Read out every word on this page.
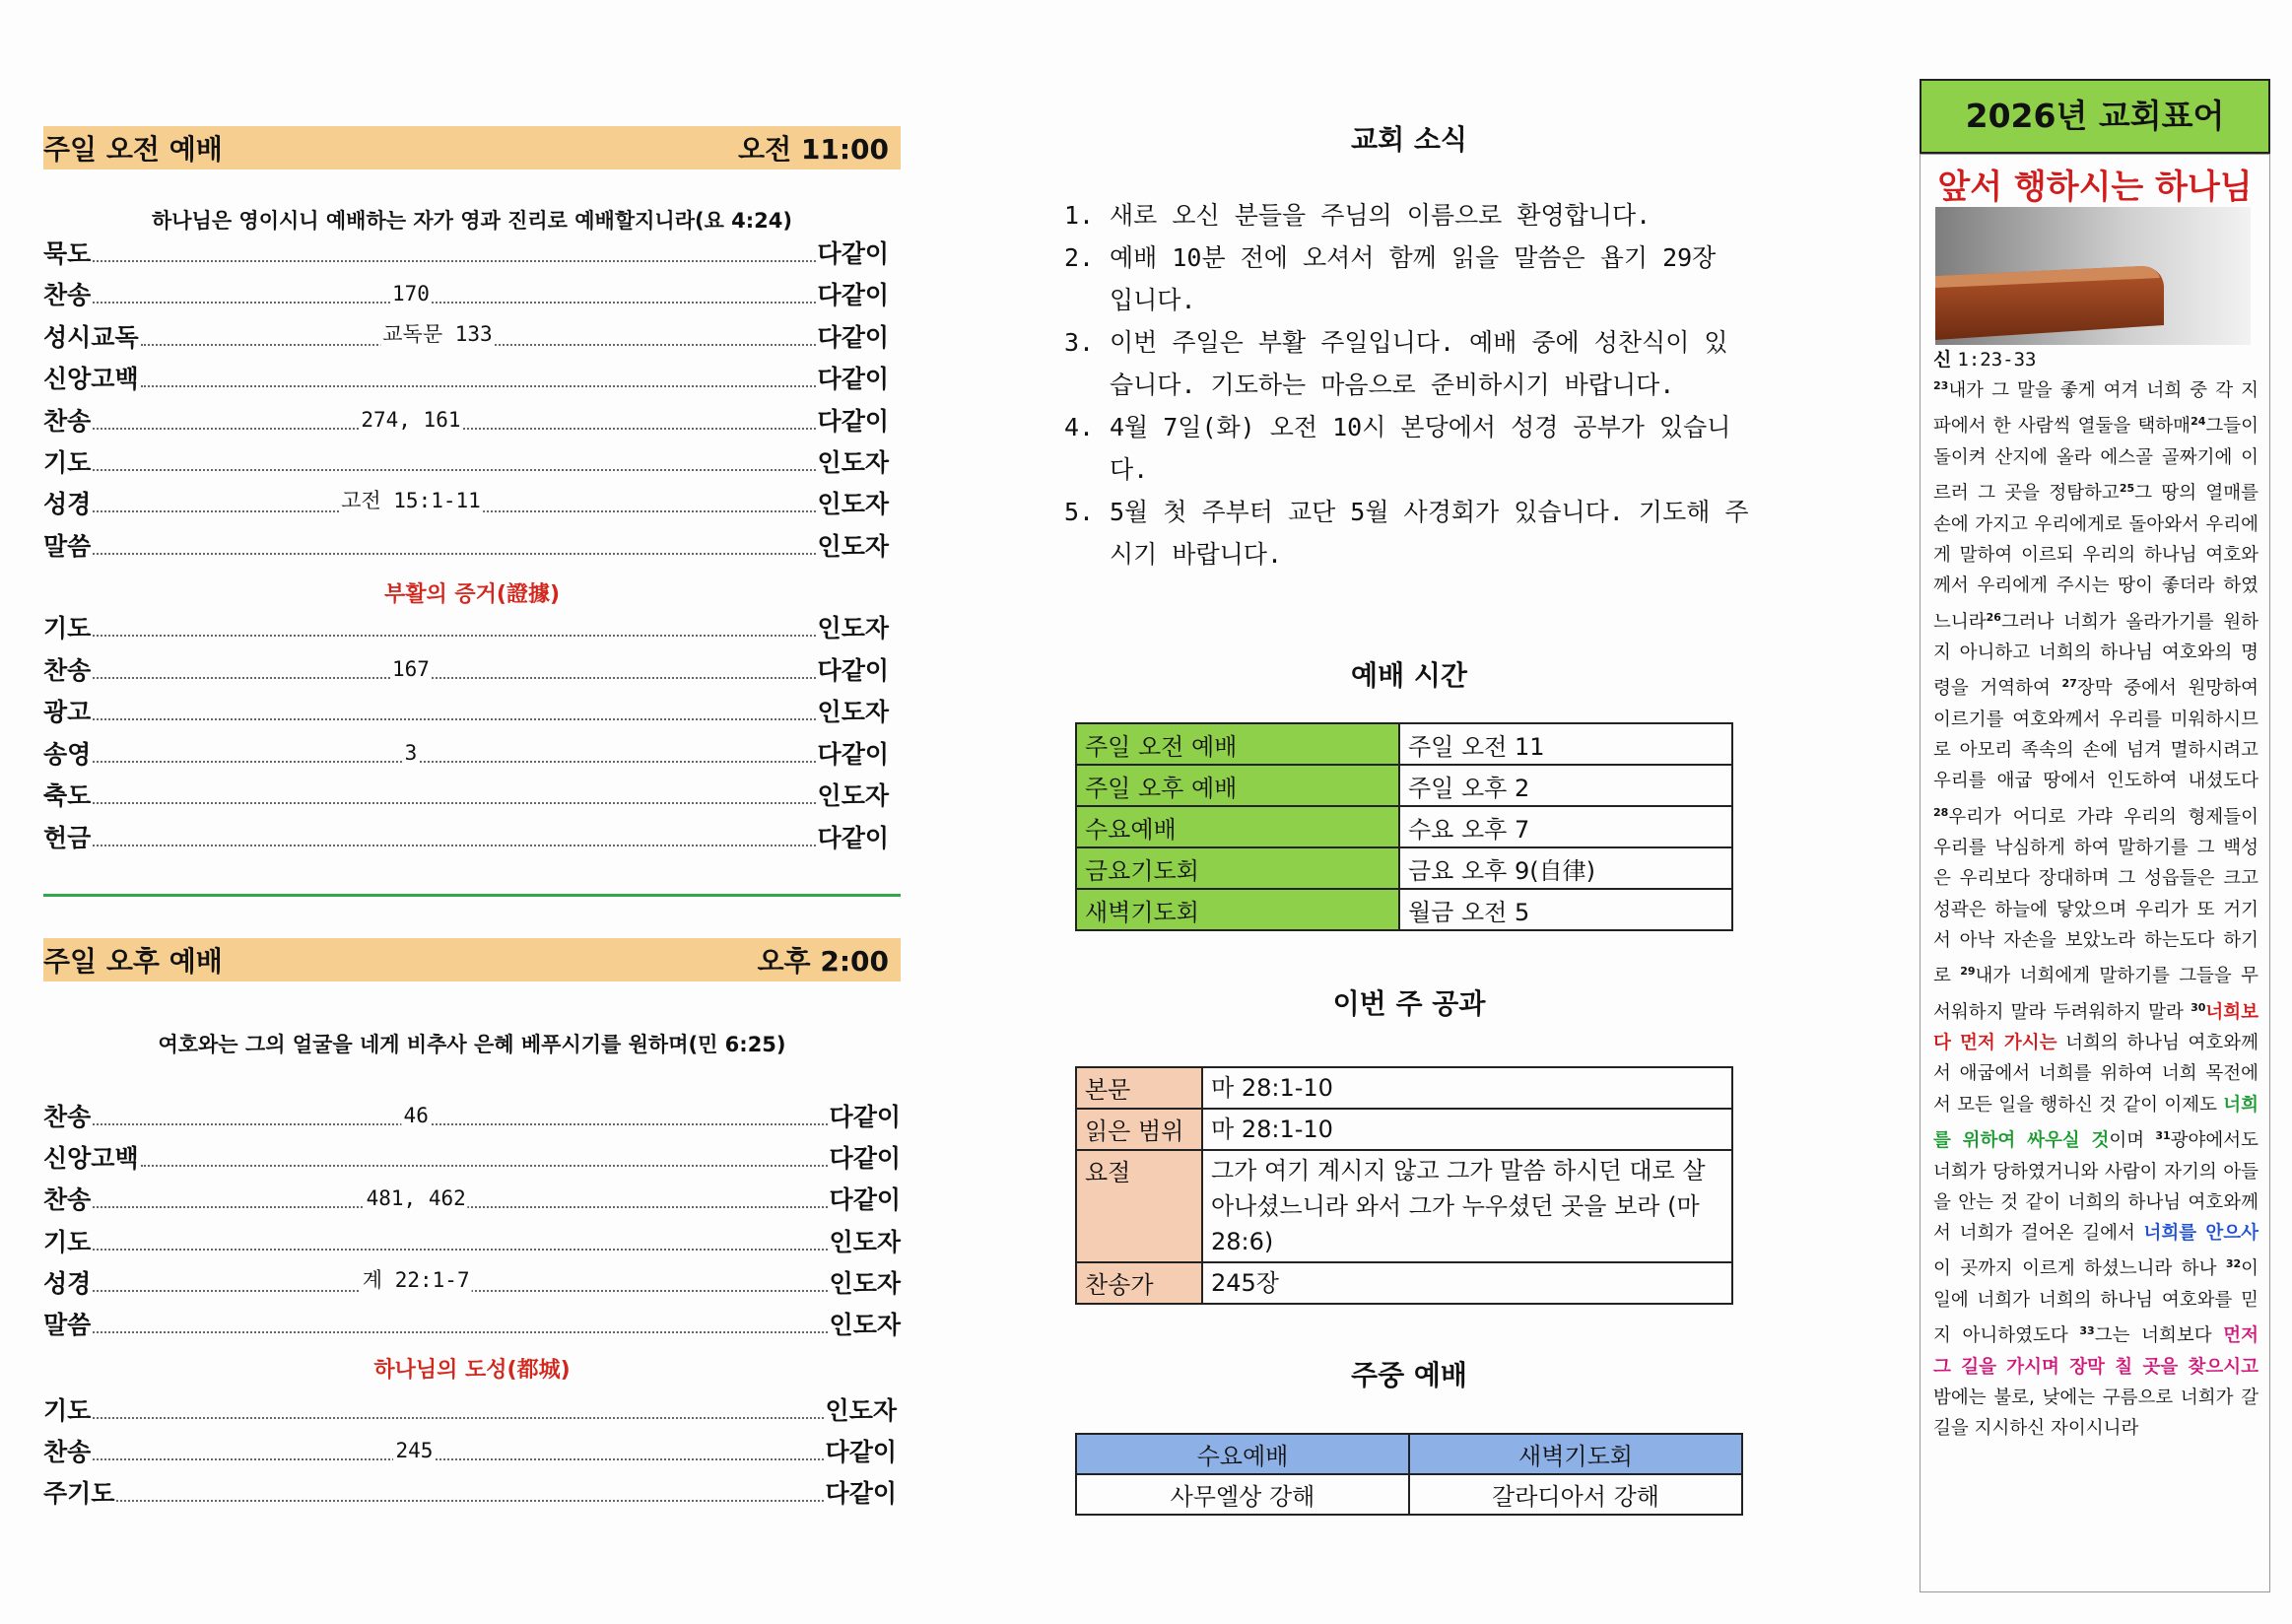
주일 오전 예배	오전 11:00
하나님은 영이시니 예배하는 자가 영과 진리로 예배할지니라(요 4:24)
묵도	다같이
찬송	170	다같이
성시교독	교독문 133	다같이
신앙고백	다같이
찬송	274, 161	다같이
기도	인도자
성경	고전 15:1-11	인도자
말씀	인도자
부활의 증거(證據)
기도	인도자
찬송	167	다같이
광고	인도자
송영	3	다같이
축도	인도자
헌금	다같이
주일 오후 예배	오후 2:00
여호와는 그의 얼굴을 네게 비추사 은혜 베푸시기를 원하며(민 6:25)
찬송	46	다같이
신앙고백	다같이
찬송	481, 462	다같이
기도	인도자
성경	계 22:1-7	인도자
말씀	인도자
하나님의 도성(都城)
기도	인도자
찬송	245	다같이
주기도	다같이
교회 소식
1. 새로 오신 분들을 주님의 이름으로 환영합니다.
2. 예배 10분 전에 오셔서 함께 읽을 말씀은 욥기 29장 입니다.
3. 이번 주일은 부활 주일입니다. 예배 중에 성찬식이 있습니다. 기도하는 마음으로 준비하시기 바랍니다.
4. 4월 7일(화) 오전 10시 본당에서 성경 공부가 있습니다.
5. 5월 첫 주부터 교단 5월 사경회가 있습니다. 기도해 주시기 바랍니다.
예배 시간
주일 오전 예배	주일 오전 11
주일 오후 예배	주일 오후 2
수요예배	수요 오후 7
금요기도회	금요 오후 9(自律)
새벽기도회	월금 오전 5
이번 주 공과
본문	마 28:1-10
읽은 범위	마 28:1-10
요절	그가 여기 계시지 않고 그가 말씀 하시던 대로 살아나셨느니라 와서 그가 누우셨던 곳을 보라 (마 28:6)
찬송가	245장
주중 예배
수요예배	새벽기도회
사무엘상 강해	갈라디아서 강해
2026년 교회표어
앞서 행하시는 하나님
신 1:23-33
$^{23}$내가 그 말을 좋게 여겨 너희 중 각 지파에서 한 사람씩 열둘을 택하매$^{24}$그들이 돌이켜 산지에 올라 에스골 골짜기에 이르러 그 곳을 정탐하고$^{25}$그 땅의 열매를 손에 가지고 우리에게로 돌아와서 우리에게 말하여 이르되 우리의 하나님 여호와께서 우리에게 주시는 땅이 좋더라 하였느니라$^{26}$그러나 너희가 올라가기를 원하지 아니하고 너희의 하나님 여호와의 명령을 거역하여 $^{27}$장막 중에서 원망하여 이르기를 여호와께서 우리를 미워하시므로 아모리 족속의 손에 넘겨 멸하시려고 우리를 애굽 땅에서 인도하여 내셨도다 $^{28}$우리가 어디로 가랴 우리의 형제들이 우리를 낙심하게 하여 말하기를 그 백성은 우리보다 장대하며 그 성읍들은 크고 성곽은 하늘에 닿았으며 우리가 또 거기서 아낙 자손을 보았노라 하는도다 하기로 $^{29}$내가 너희에게 말하기를 그들을 무서워하지 말라 두려워하지 말라 $^{30}$너희보다 먼저 가시는 너희의 하나님 여호와께서 애굽에서 너희를 위하여 너희 목전에서 모든 일을 행하신 것 같이 이제도 너희를 위하여 싸우실 것이며 $^{31}$광야에서도 너희가 당하였거니와 사람이 자기의 아들을 안는 것 같이 너희의 하나님 여호와께서 너희가 걸어온 길에서 너희를 안으사 이 곳까지 이르게 하셨느니라 하나 $^{32}$이 일에 너희가 너희의 하나님 여호와를 믿지 아니하였도다 $^{33}$그는 너희보다 먼저 그 길을 가시며 장막 칠 곳을 찾으시고 밤에는 불로, 낮에는 구름으로 너희가 갈 길을 지시하신 자이시니라
